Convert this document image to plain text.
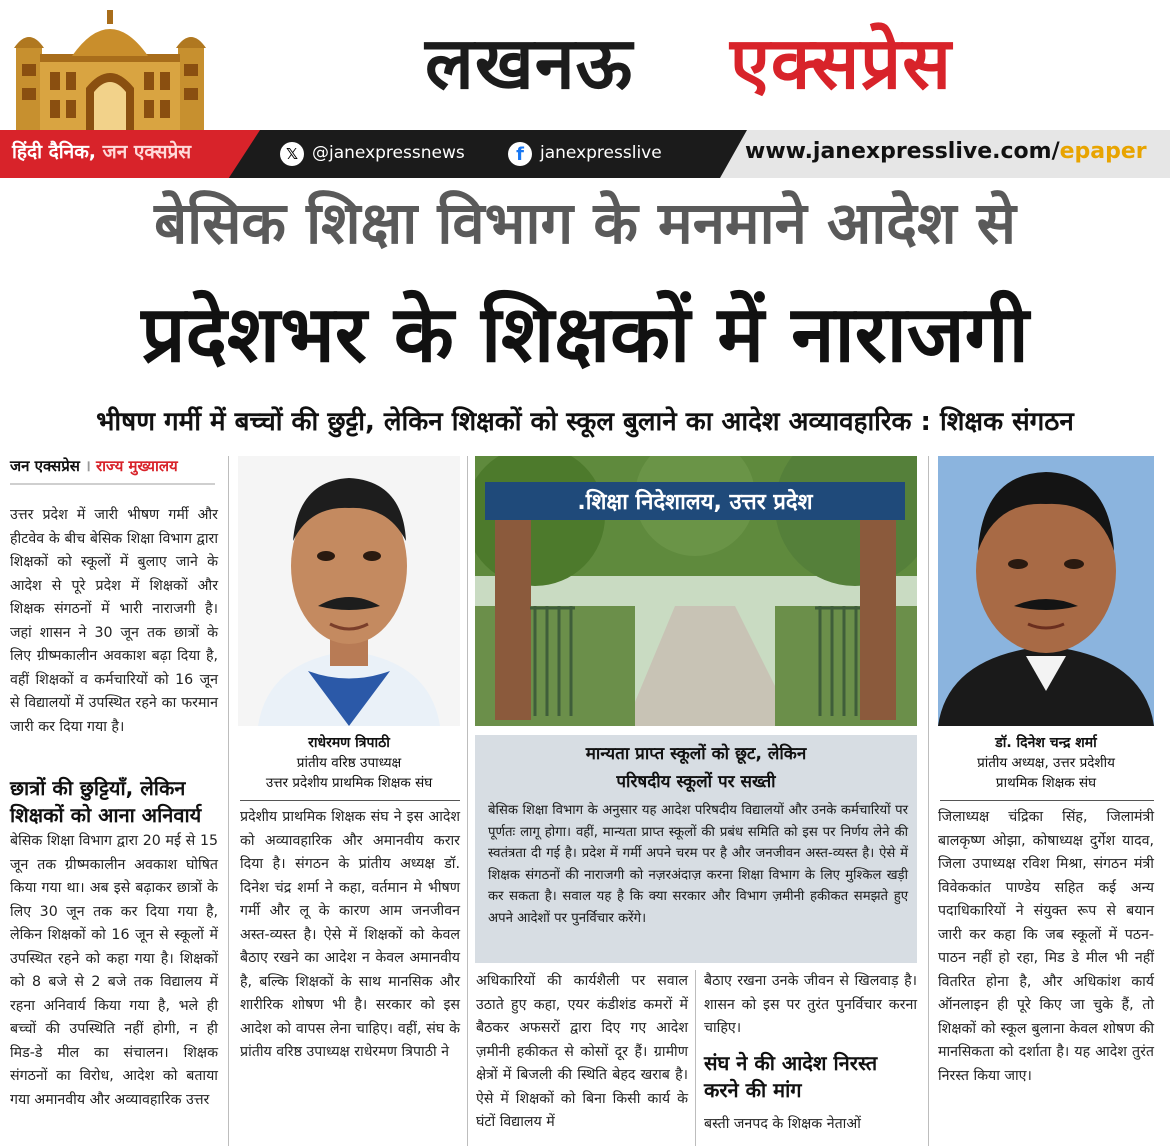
लखनऊ एक्सप्रेस
हिंदी दैनिक, जन एक्सप्रेस	𝕏 @janexpressnews	f janexpresslive	www.janexpresslive.com/epaper
बेसिक शिक्षा विभाग के मनमाने आदेश से
प्रदेशभर के शिक्षकों में नाराजगी
भीषण गर्मी में बच्चों की छुट्टी, लेकिन शिक्षकों को स्कूल बुलाने का आदेश अव्यावहारिक : शिक्षक संगठन
जन एक्सप्रेस । राज्य मुख्यालय
उत्तर प्रदेश में जारी भीषण गर्मी और हीटवेव के बीच बेसिक शिक्षा विभाग द्वारा शिक्षकों को स्कूलों में बुलाए जाने के आदेश से पूरे प्रदेश में शिक्षकों और शिक्षक संगठनों में भारी नाराजगी है। जहां शासन ने 30 जून तक छात्रों के लिए ग्रीष्मकालीन अवकाश बढ़ा दिया है, वहीं शिक्षकों व कर्मचारियों को 16 जून से विद्यालयों में उपस्थित रहने का फरमान जारी कर दिया गया है।
छात्रों की छुट्टियाँ, लेकिन शिक्षकों को आना अनिवार्य
बेसिक शिक्षा विभाग द्वारा 20 मई से 15 जून तक ग्रीष्मकालीन अवकाश घोषित किया गया था। अब इसे बढ़ाकर छात्रों के लिए 30 जून तक कर दिया गया है, लेकिन शिक्षकों को 16 जून से स्कूलों में उपस्थित रहने को कहा गया है। शिक्षकों को 8 बजे से 2 बजे तक विद्यालय में रहना अनिवार्य किया गया है, भले ही बच्चों की उपस्थिति नहीं होगी, न ही मिड-डे मील का संचालन। शिक्षक संगठनों का विरोध, आदेश को बताया गया अमानवीय और अव्यावहारिक उत्तर
.शिक्षा निदेशालय, उत्तर प्रदेश
राधेरमण त्रिपाठी
प्रांतीय वरिष्ठ उपाध्यक्ष
उत्तर प्रदेशीय प्राथमिक शिक्षक संघ
डॉ. दिनेश चन्द्र शर्मा
प्रांतीय अध्यक्ष, उत्तर प्रदेशीय
प्राथमिक शिक्षक संघ
मान्यता प्राप्त स्कूलों को छूट, लेकिन
परिषदीय स्कूलों पर सख्ती
बेसिक शिक्षा विभाग के अनुसार यह आदेश परिषदीय विद्यालयों और उनके कर्मचारियों पर पूर्णतः लागू होगा। वहीं, मान्यता प्राप्त स्कूलों की प्रबंध समिति को इस पर निर्णय लेने की स्वतंत्रता दी गई है। प्रदेश में गर्मी अपने चरम पर है और जनजीवन अस्त-व्यस्त है। ऐसे में शिक्षक संगठनों की नाराजगी को नज़रअंदाज़ करना शिक्षा विभाग के लिए मुश्किल खड़ी कर सकता है। सवाल यह है कि क्या सरकार और विभाग ज़मीनी हकीकत समझते हुए अपने आदेशों पर पुनर्विचार करेंगे।
प्रदेशीय प्राथमिक शिक्षक संघ ने इस आदेश को अव्यावहारिक और अमानवीय करार दिया है। संगठन के प्रांतीय अध्यक्ष डॉ. दिनेश चंद्र शर्मा ने कहा, वर्तमान मे भीषण गर्मी और लू के कारण आम जनजीवन अस्त-व्यस्त है। ऐसे में शिक्षकों को केवल बैठाए रखने का आदेश न केवल अमानवीय है, बल्कि शिक्षकों के साथ मानसिक और शारीरिक शोषण भी है। सरकार को इस आदेश को वापस लेना चाहिए। वहीं, संघ के प्रांतीय वरिष्ठ उपाध्यक्ष राधेरमण त्रिपाठी ने
अधिकारियों की कार्यशैली पर सवाल उठाते हुए कहा, एयर कंडीशंड कमरों में बैठकर अफसरों द्वारा दिए गए आदेश ज़मीनी हकीकत से कोसों दूर हैं। ग्रामीण क्षेत्रों में बिजली की स्थिति बेहद खराब है। ऐसे में शिक्षकों को बिना किसी कार्य के घंटों विद्यालय में
बैठाए रखना उनके जीवन से खिलवाड़ है। शासन को इस पर तुरंत पुनर्विचार करना चाहिए।
संघ ने की आदेश निरस्त करने की मांग
बस्ती जनपद के शिक्षक नेताओं
जिलाध्यक्ष चंद्रिका सिंह, जिलामंत्री बालकृष्ण ओझा, कोषाध्यक्ष दुर्गेश यादव, जिला उपाध्यक्ष रविश मिश्रा, संगठन मंत्री विवेककांत पाण्डेय सहित कई अन्य पदाधिकारियों ने संयुक्त रूप से बयान जारी कर कहा कि जब स्कूलों में पठन-पाठन नहीं हो रहा, मिड डे मील भी नहीं वितरित होना है, और अधिकांश कार्य ऑनलाइन ही पूरे किए जा चुके हैं, तो शिक्षकों को स्कूल बुलाना केवल शोषण की मानसिकता को दर्शाता है। यह आदेश तुरंत निरस्त किया जाए।
